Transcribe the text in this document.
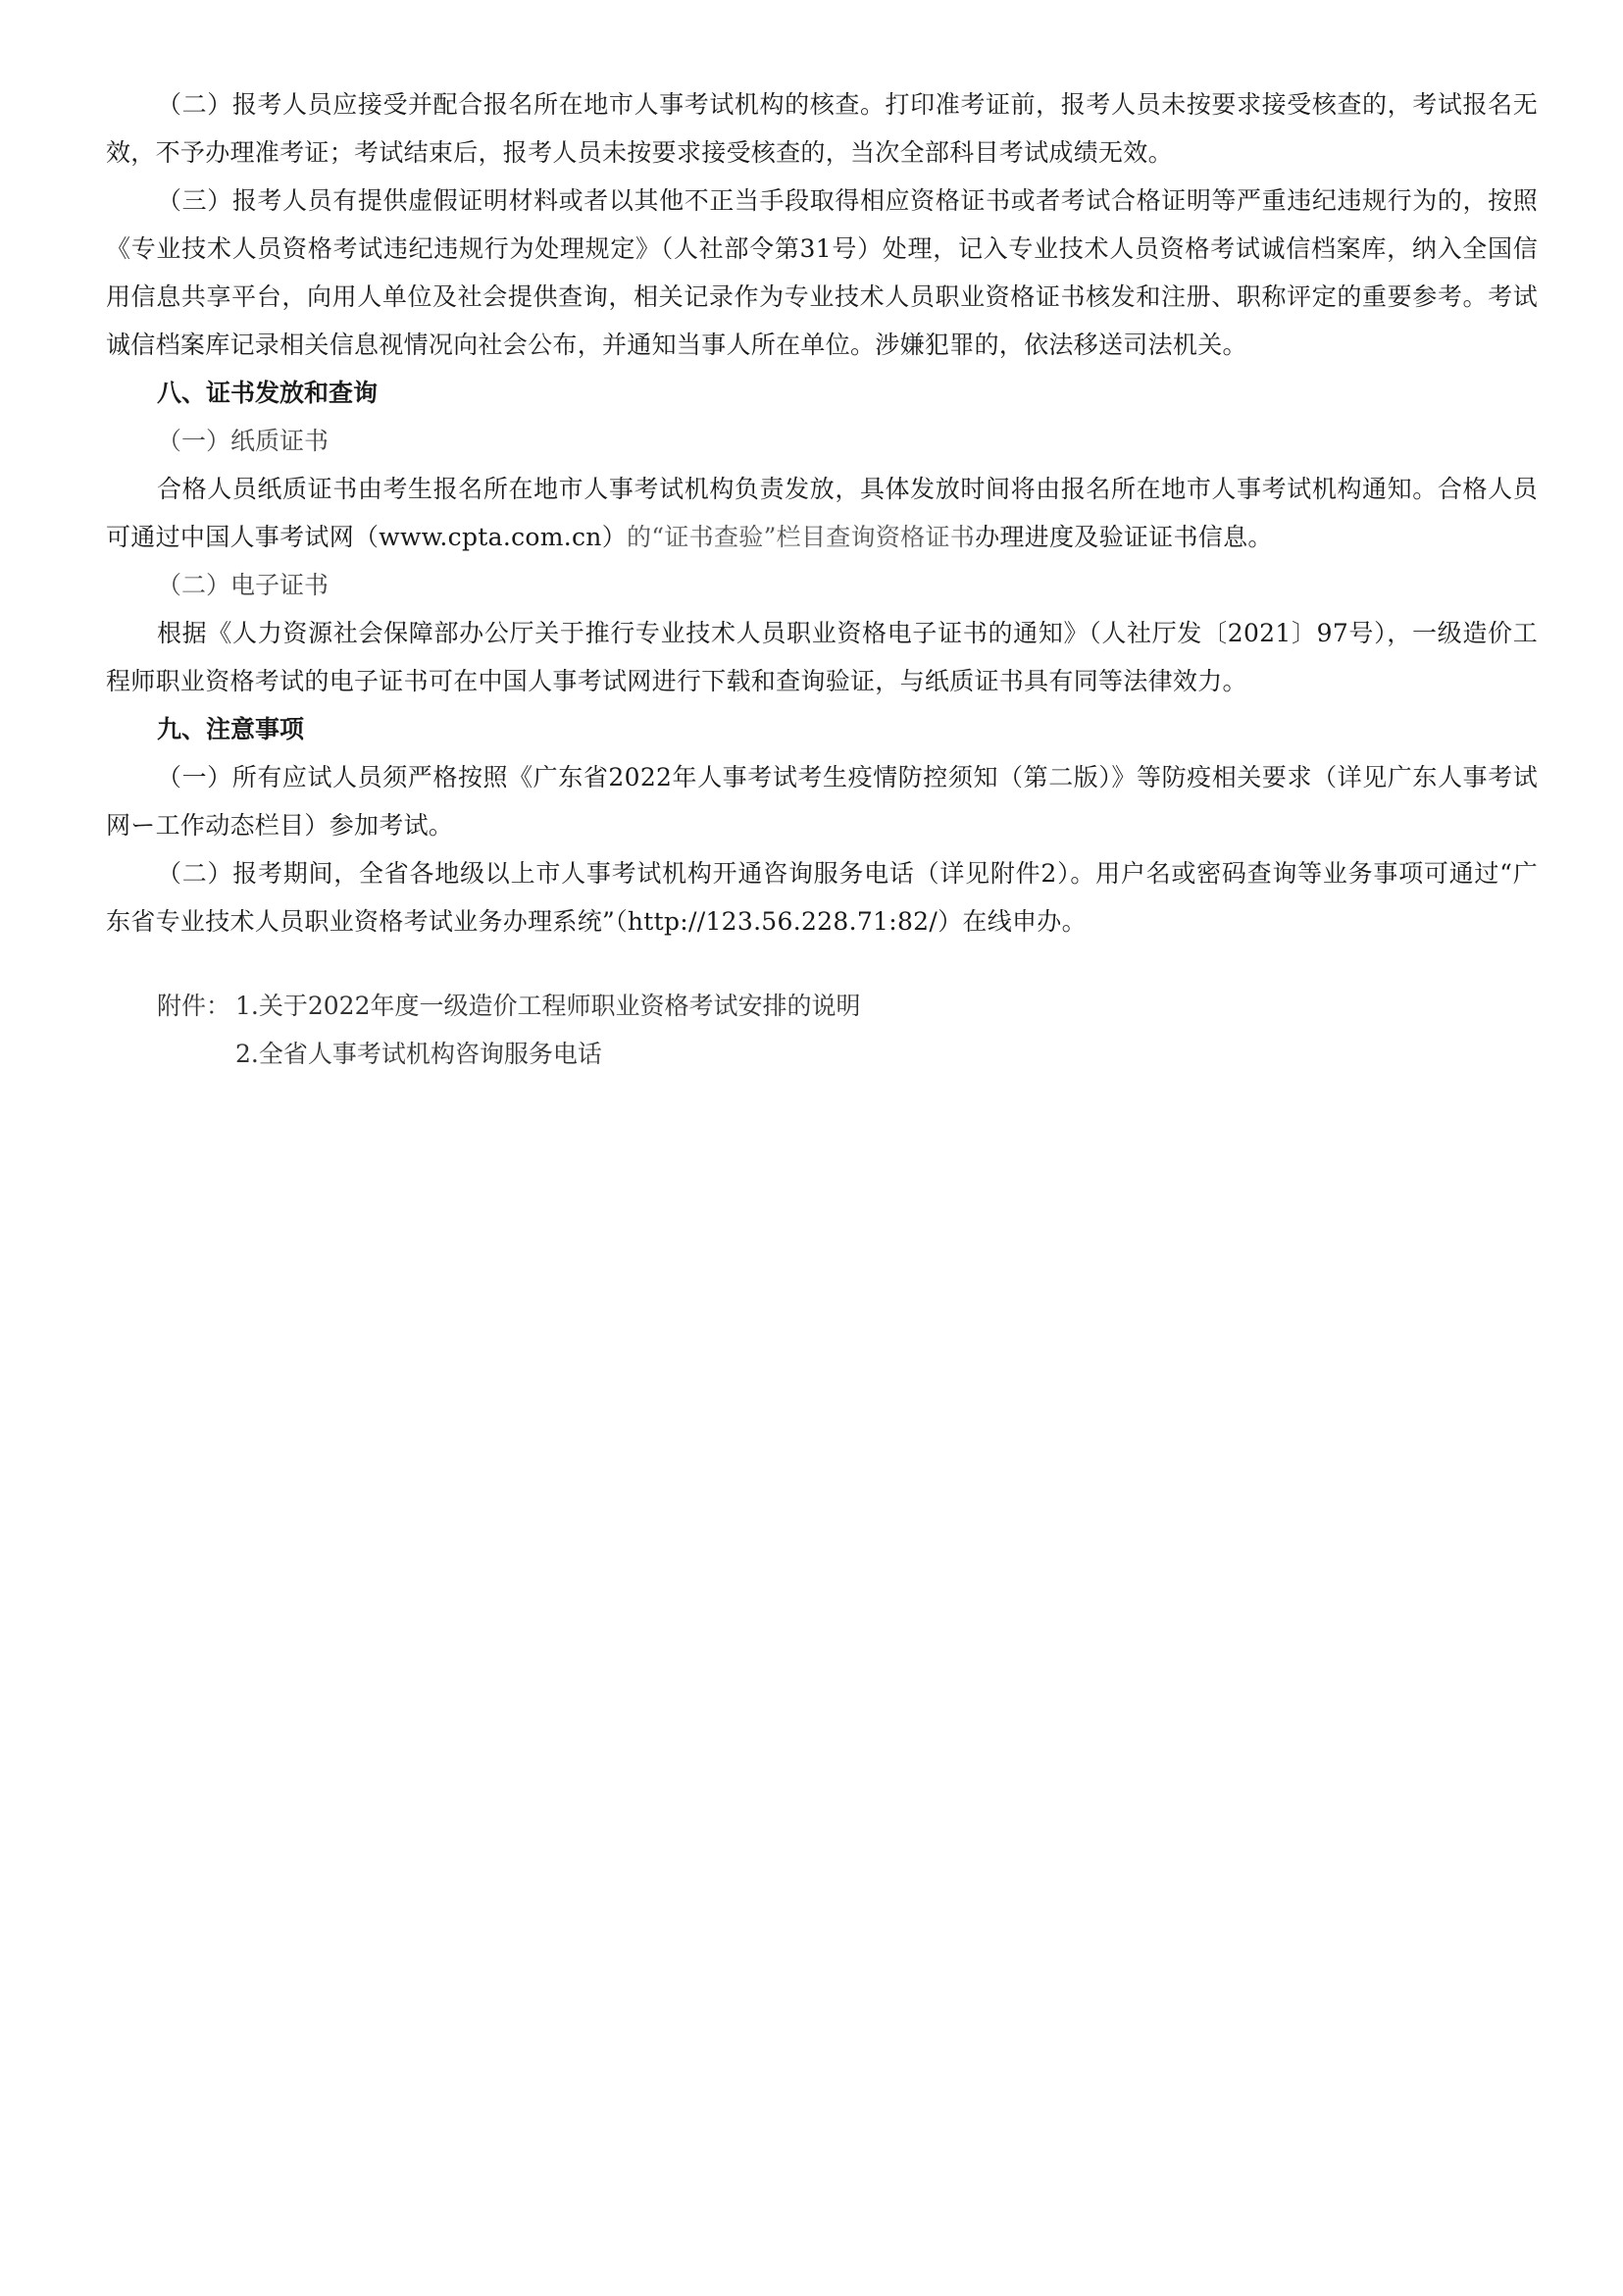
（二）报考人员应接受并配合报名所在地市人事考试机构的核查。打印准考证前，报考人员未按要求接受核查的，考试报名无效，不予办理准考证；考试结束后，报考人员未按要求接受核查的，当次全部科目考试成绩无效。

（三）报考人员有提供虚假证明材料或者以其他不正当手段取得相应资格证书或者考试合格证明等严重违纪违规行为的，按照《专业技术人员资格考试违纪违规行为处理规定》（人社部令第31号）处理，记入专业技术人员资格考试诚信档案库，纳入全国信用信息共享平台，向用人单位及社会提供查询，相关记录作为专业技术人员职业资格证书核发和注册、职称评定的重要参考。考试诚信档案库记录相关信息视情况向社会公布，并通知当事人所在单位。涉嫌犯罪的，依法移送司法机关。

八、证书发放和查询

（一）纸质证书

合格人员纸质证书由考生报名所在地市人事考试机构负责发放，具体发放时间将由报名所在地市人事考试机构通知。合格人员可通过中国人事考试网（www.cpta.com.cn）的“证书查验”栏目查询资格证书办理进度及验证证书信息。

（二）电子证书

根据《人力资源社会保障部办公厅关于推行专业技术人员职业资格电子证书的通知》（人社厅发〔2021〕97号），一级造价工程师职业资格考试的电子证书可在中国人事考试网进行下载和查询验证，与纸质证书具有同等法律效力。

九、注意事项

（一）所有应试人员须严格按照《广东省2022年人事考试考生疫情防控须知（第二版）》等防疫相关要求（详见广东人事考试网ー工作动态栏目）参加考试。

（二）报考期间，全省各地级以上市人事考试机构开通咨询服务电话（详见附件2）。用户名或密码查询等业务事项可通过“广东省专业技术人员职业资格考试业务办理系统”（http://123.56.228.71:82/）在线申办。

附件： 1.关于2022年度一级造价工程师职业资格考试安排的说明
2.全省人事考试机构咨询服务电话
